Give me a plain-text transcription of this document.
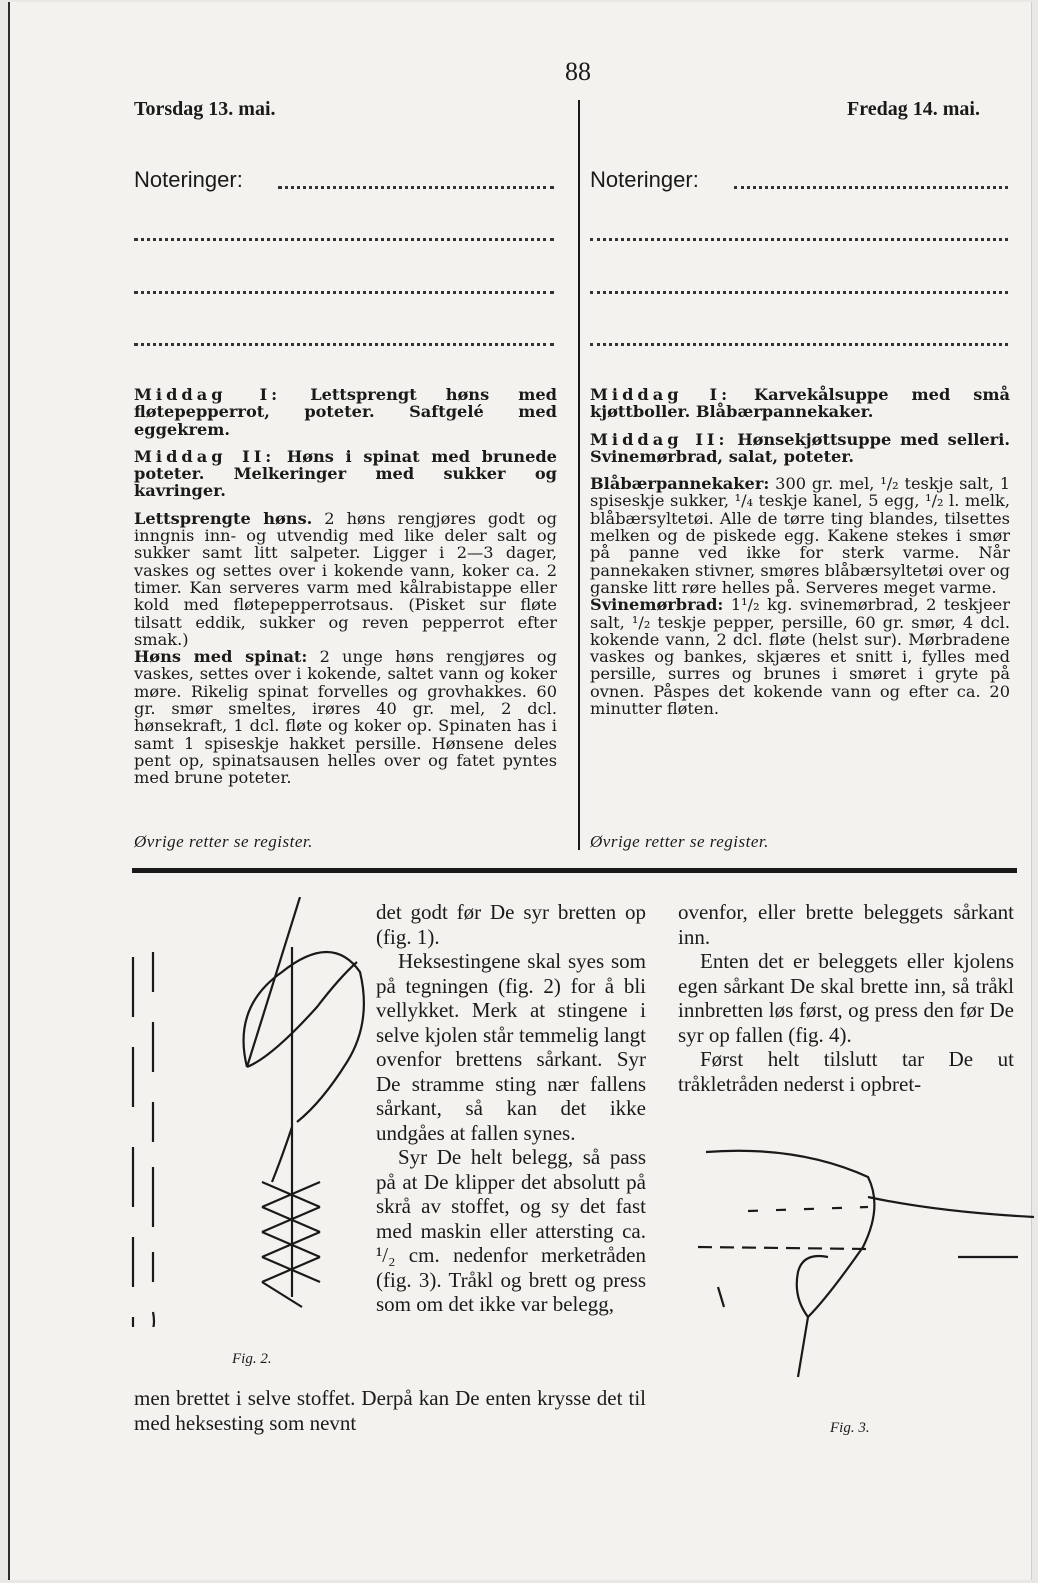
88
Torsdag 13. mai.	Fredag 14. mai.
Noteringer:	Noteringer:

Middag I: Lettsprengt høns med fløtepepperrot, poteter. Saftgelé med eggekrem.

Middag II: Høns i spinat med brunede poteter. Melkeringer med sukker og kavringer.

Lettsprengte høns. 2 høns rengjøres godt og inngnis inn- og utvendig med like deler salt og sukker samt litt salpeter. Ligger i 2—3 dager, vaskes og settes over i kokende vann, koker ca. 2 timer. Kan serveres varm med kålrabistappe eller kold med fløtepepperrotsaus. (Pisket sur fløte tilsatt eddik, sukker og reven pepperrot efter smak.)

Høns med spinat: 2 unge høns rengjøres og vaskes, settes over i kokende, saltet vann og koker møre. Rikelig spinat forvelles og grovhakkes. 60 gr. smør smeltes, irøres 40 gr. mel, 2 dcl. hønsekraft, 1 dcl. fløte og koker op. Spinaten has i samt 1 spiseskje hakket persille. Hønsene deles pent op, spinatsausen helles over og fatet pyntes med brune poteter.

Øvrige retter se register.

Middag I: Karvekålsuppe med små kjøttboller. Blåbærpannekaker.

Middag II: Hønsekjøttsuppe med selleri. Svinemørbrad, salat, poteter.

Blåbærpannekaker: 300 gr. mel, ¹/₂ teskje salt, 1 spiseskje sukker, ¹/₄ teskje kanel, 5 egg, ¹/₂ l. melk, blåbærsyltetøi. Alle de tørre ting blandes, tilsettes melken og de piskede egg. Kakene stekes i smør på panne ved ikke for sterk varme. Når pannekaken stivner, smøres blåbærsyltetøi over og ganske litt røre helles på. Serveres meget varme.

Svinemørbrad: 1¹/₂ kg. svinemørbrad, 2 teskjeer salt, ¹/₂ teskje pepper, persille, 60 gr. smør, 4 dcl. kokende vann, 2 dcl. fløte (helst sur). Mørbradene vaskes og bankes, skjæres et snitt i, fylles med persille, surres og brunes i smøret i gryte på ovnen. Påspes det kokende vann og efter ca. 20 minutter fløten.

Øvrige retter se register.
Fig. 2.

det godt før De syr bretten op (fig. 1).

Heksestingene skal syes som på tegningen (fig. 2) for å bli vellykket. Merk at stingene i selve kjolen står temmelig langt ovenfor brettens sårkant. Syr De stramme sting nær fallens sårkant, så kan det ikke undgåes at fallen synes.

Syr De helt belegg, så pass på at De klipper det absolutt på skrå av stoffet, og sy det fast med maskin eller attersting ca. ¹/₂ cm. nedenfor merketråden (fig. 3). Tråkl og brett og press som om det ikke var belegg,

men brettet i selve stoffet. Derpå kan De enten krysse det til med heksesting som nevnt

ovenfor, eller brette beleggets sårkant inn.

Enten det er beleggets eller kjolens egen sårkant De skal brette inn, så tråkl innbretten løs først, og press den før De syr op fallen (fig. 4).

Først helt tilslutt tar De ut tråkletråden nederst i opbret-

Fig. 3.
